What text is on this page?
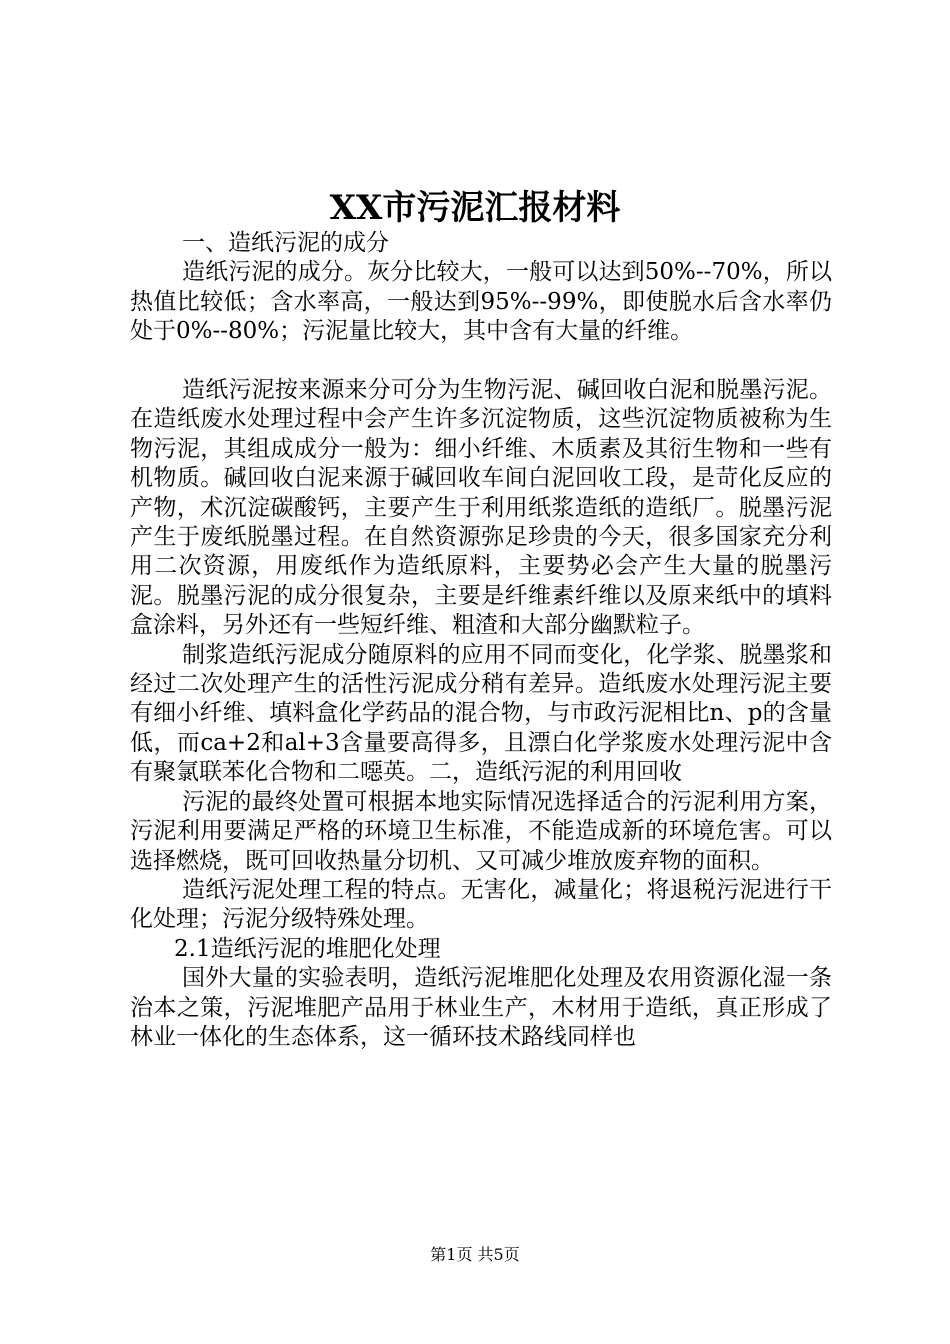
XX市污泥汇报材料

一、造纸污泥的成分

造纸污泥的成分。灰分比较大，一般可以达到50%--70%，所以热值比较低；含水率高，一般达到95%--99%，即使脱水后含水率仍处于0%--80%；污泥量比较大，其中含有大量的纤维。

造纸污泥按来源来分可分为生物污泥、碱回收白泥和脱墨污泥。在造纸废水处理过程中会产生许多沉淀物质，这些沉淀物质被称为生物污泥，其组成成分一般为：细小纤维、木质素及其衍生物和一些有机物质。碱回收白泥来源于碱回收车间白泥回收工段，是苛化反应的产物，术沉淀碳酸钙，主要产生于利用纸浆造纸的造纸厂。脱墨污泥产生于废纸脱墨过程。在自然资源弥足珍贵的今天，很多国家充分利用二次资源，用废纸作为造纸原料，主要势必会产生大量的脱墨污泥。脱墨污泥的成分很复杂，主要是纤维素纤维以及原来纸中的填料盒涂料，另外还有一些短纤维、粗渣和大部分幽默粒子。

制浆造纸污泥成分随原料的应用不同而变化，化学浆、脱墨浆和经过二次处理产生的活性污泥成分稍有差异。造纸废水处理污泥主要有细小纤维、填料盒化学药品的混合物，与市政污泥相比n、p的含量低，而ca+2和al+3含量要高得多，且漂白化学浆废水处理污泥中含有聚氯联苯化合物和二噁英。二，造纸污泥的利用回收

污泥的最终处置可根据本地实际情况选择适合的污泥利用方案，污泥利用要满足严格的环境卫生标准，不能造成新的环境危害。可以选择燃烧，既可回收热量分切机、又可减少堆放废弃物的面积。

造纸污泥处理工程的特点。无害化，减量化；将退税污泥进行干化处理；污泥分级特殊处理。

2.1造纸污泥的堆肥化处理

国外大量的实验表明，造纸污泥堆肥化处理及农用资源化湿一条治本之策，污泥堆肥产品用于林业生产，木材用于造纸，真正形成了林业一体化的生态体系，这一循环技术路线同样也

第1页 共5页
